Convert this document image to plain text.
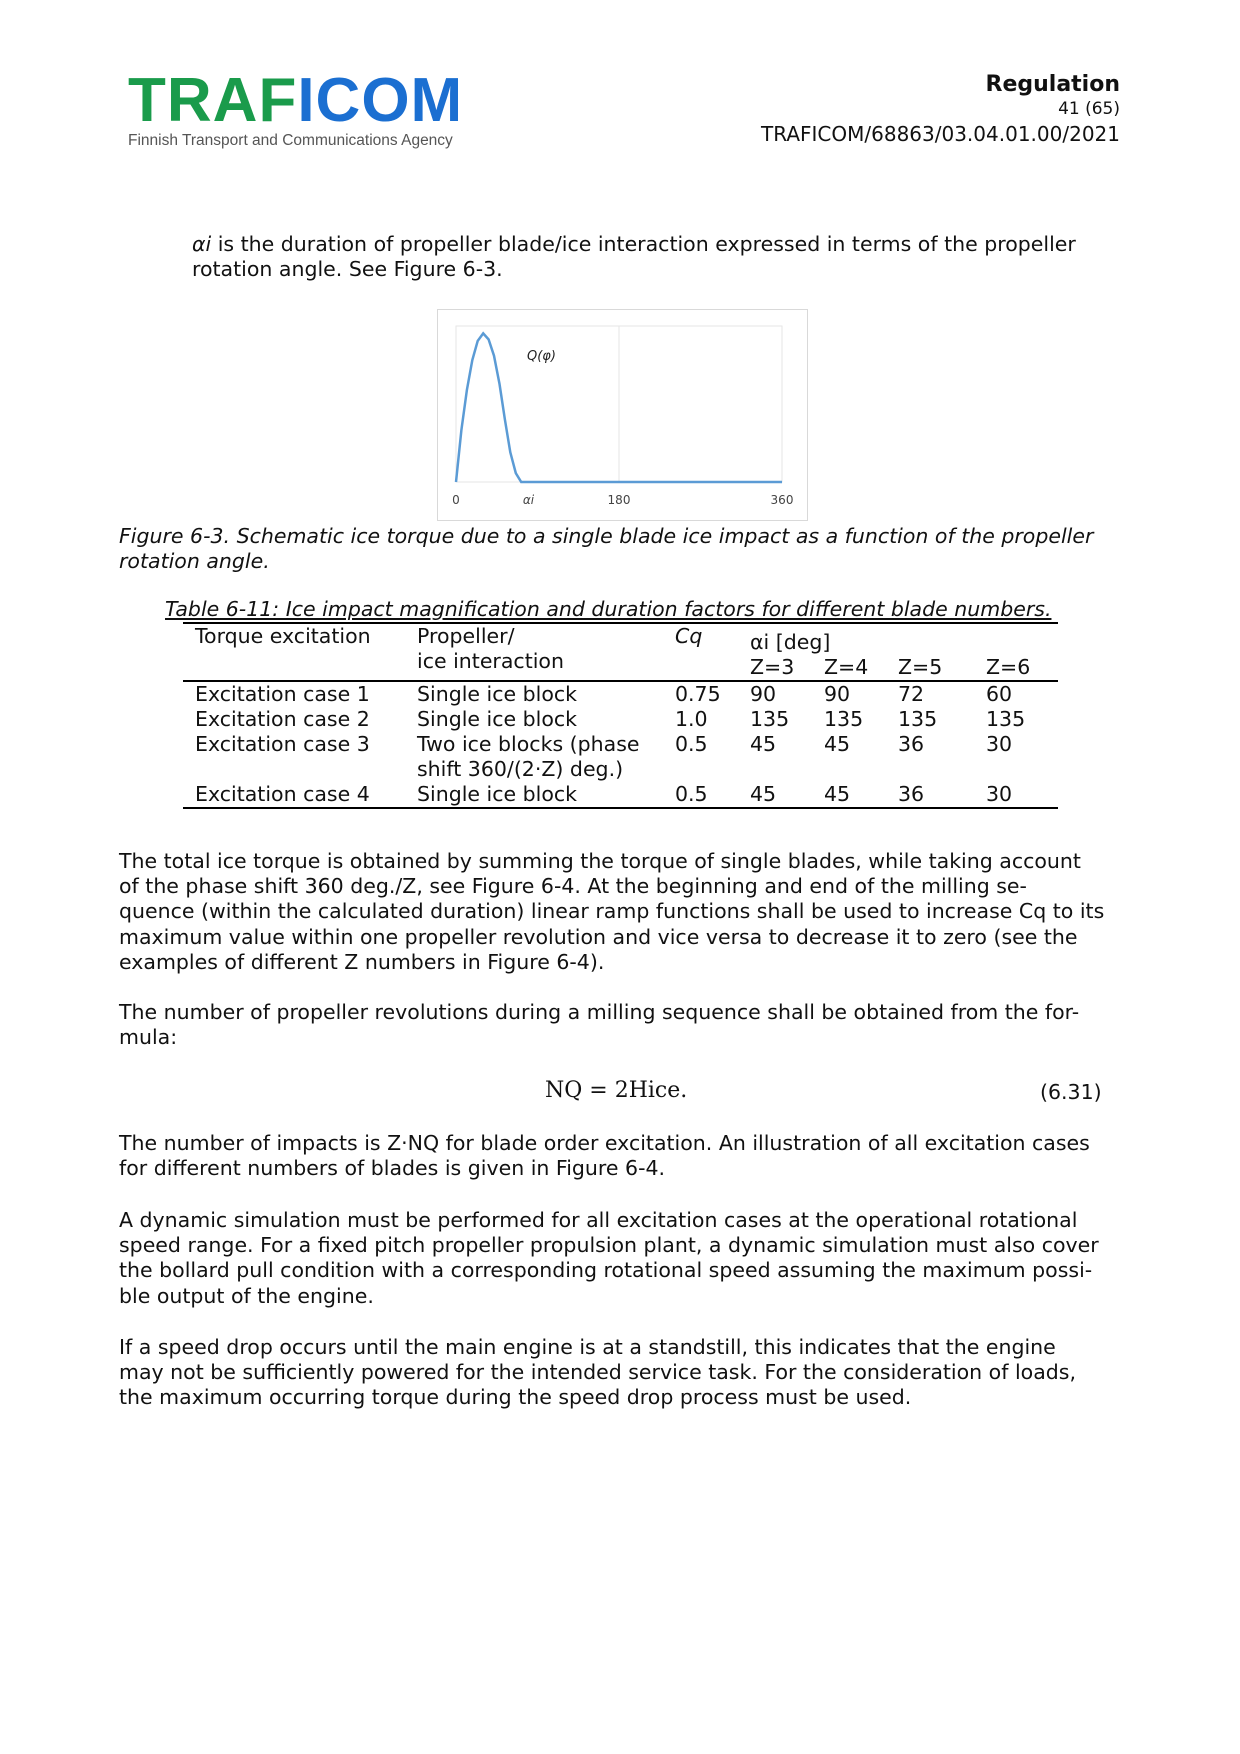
TRAFICOM
Finnish Transport and Communications Agency
Regulation
41 (65)
TRAFICOM/68863/03.04.01.00/2021
αi is the duration of propeller blade/ice interaction expressed in terms of the propeller
rotation angle. See Figure 6-3.
0	αi	180	360
Q(φ)
Figure 6-3. Schematic ice torque due to a single blade ice impact as a function of the propeller
rotation angle.
Table 6-11: Ice impact magnification and duration factors for different blade numbers.
Torque excitation	Propeller/
ice interaction	Cq	αi [deg]			
			Z=3	Z=4	Z=5	Z=6
Excitation case 1	Single ice block	0.75	90	90	72	60
Excitation case 2	Single ice block	1.0	135	135	135	135
Excitation case 3	Two ice blocks (phase
shift 360/(2·Z) deg.)	0.5	45	45	36	30
Excitation case 4	Single ice block	0.5	45	45	36	30
The total ice torque is obtained by summing the torque of single blades, while taking account
of the phase shift 360 deg./Z, see Figure 6-4. At the beginning and end of the milling se-
quence (within the calculated duration) linear ramp functions shall be used to increase Cq to its
maximum value within one propeller revolution and vice versa to decrease it to zero (see the
examples of different Z numbers in Figure 6-4).
The number of propeller revolutions during a milling sequence shall be obtained from the for-
mula:
NQ = 2Hice.	(6.31)
The number of impacts is Z·NQ for blade order excitation. An illustration of all excitation cases
for different numbers of blades is given in Figure 6-4.
A dynamic simulation must be performed for all excitation cases at the operational rotational
speed range. For a fixed pitch propeller propulsion plant, a dynamic simulation must also cover
the bollard pull condition with a corresponding rotational speed assuming the maximum possi-
ble output of the engine.
If a speed drop occurs until the main engine is at a standstill, this indicates that the engine
may not be sufficiently powered for the intended service task. For the consideration of loads,
the maximum occurring torque during the speed drop process must be used.
